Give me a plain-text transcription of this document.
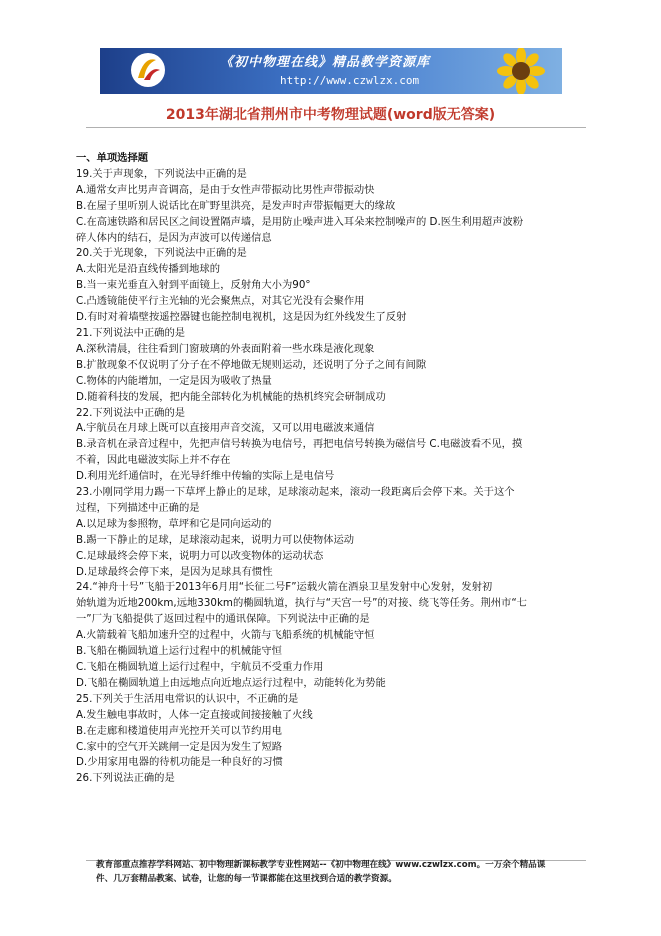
《初中物理在线》精品教学资源库
http://www.czwlzx.com
2013年湖北省荆州市中考物理试题(word版无答案)

一、单项选择题

19.关于声现象，下列说法中正确的是

A.通常女声比男声音调高，是由于女性声带振动比男性声带振动快

B.在屋子里听别人说话比在旷野里洪亮，是发声时声带振幅更大的缘故

C.在高速铁路和居民区之间设置隔声墙，是用防止噪声进入耳朵来控制噪声的 D.医生利用超声波粉

碎人体内的结石，是因为声波可以传递信息

20.关于光现象，下列说法中正确的是

A.太阳光是沿直线传播到地球的

B.当一束光垂直入射到平面镜上，反射角大小为90°

C.凸透镜能使平行主光轴的光会聚焦点，对其它光没有会聚作用

D.有时对着墙壁按遥控器键也能控制电视机，这是因为红外线发生了反射

21.下列说法中正确的是

A.深秋清晨，往往看到门窗玻璃的外表面附着一些水珠是液化现象

B.扩散现象不仅说明了分子在不停地做无规则运动，还说明了分子之间有间隙

C.物体的内能增加，一定是因为吸收了热量

D.随着科技的发展，把内能全部转化为机械能的热机终究会研制成功

22.下列说法中正确的是

A.宇航员在月球上既可以直接用声音交流，又可以用电磁波来通信

B.录音机在录音过程中，先把声信号转换为电信号，再把电信号转换为磁信号 C.电磁波看不见，摸

不着，因此电磁波实际上并不存在

D.利用光纤通信时，在光导纤维中传输的实际上是电信号

23.小刚同学用力踢一下草坪上静止的足球，足球滚动起来，滚动一段距离后会停下来。关于这个

过程，下列描述中正确的是

A.以足球为参照物，草坪和它是同向运动的

B.踢一下静止的足球，足球滚动起来，说明力可以使物体运动

C.足球最终会停下来，说明力可以改变物体的运动状态

D.足球最终会停下来，是因为足球具有惯性

24.“神舟十号”飞船于2013年6月用“长征二号F”运载火箭在酒泉卫星发射中心发射，发射初

始轨道为近地200km,远地330km的椭圆轨道，执行与“天宫一号”的对接、绕飞等任务。荆州市“七

一”厂为飞船提供了返回过程中的通讯保障。下列说法中正确的是

A.火箭载着飞船加速升空的过程中，火箭与飞船系统的机械能守恒

B.飞船在椭圆轨道上运行过程中的机械能守恒

C.飞船在椭圆轨道上运行过程中，宇航员不受重力作用

D.飞船在椭圆轨道上由远地点向近地点运行过程中，动能转化为势能

25.下列关于生活用电常识的认识中，不正确的是

A.发生触电事故时，人体一定直接或间接接触了火线

B.在走廊和楼道使用声光控开关可以节约用电

C.家中的空气开关跳闸一定是因为发生了短路

D.少用家用电器的待机功能是一种良好的习惯

26.下列说法正确的是

教育部重点推荐学科网站、初中物理新课标教学专业性网站--《初中物理在线》www.czwlzx.com。一万余个精品课

件、几万套精品教案、试卷，让您的每一节课都能在这里找到合适的教学资源。
